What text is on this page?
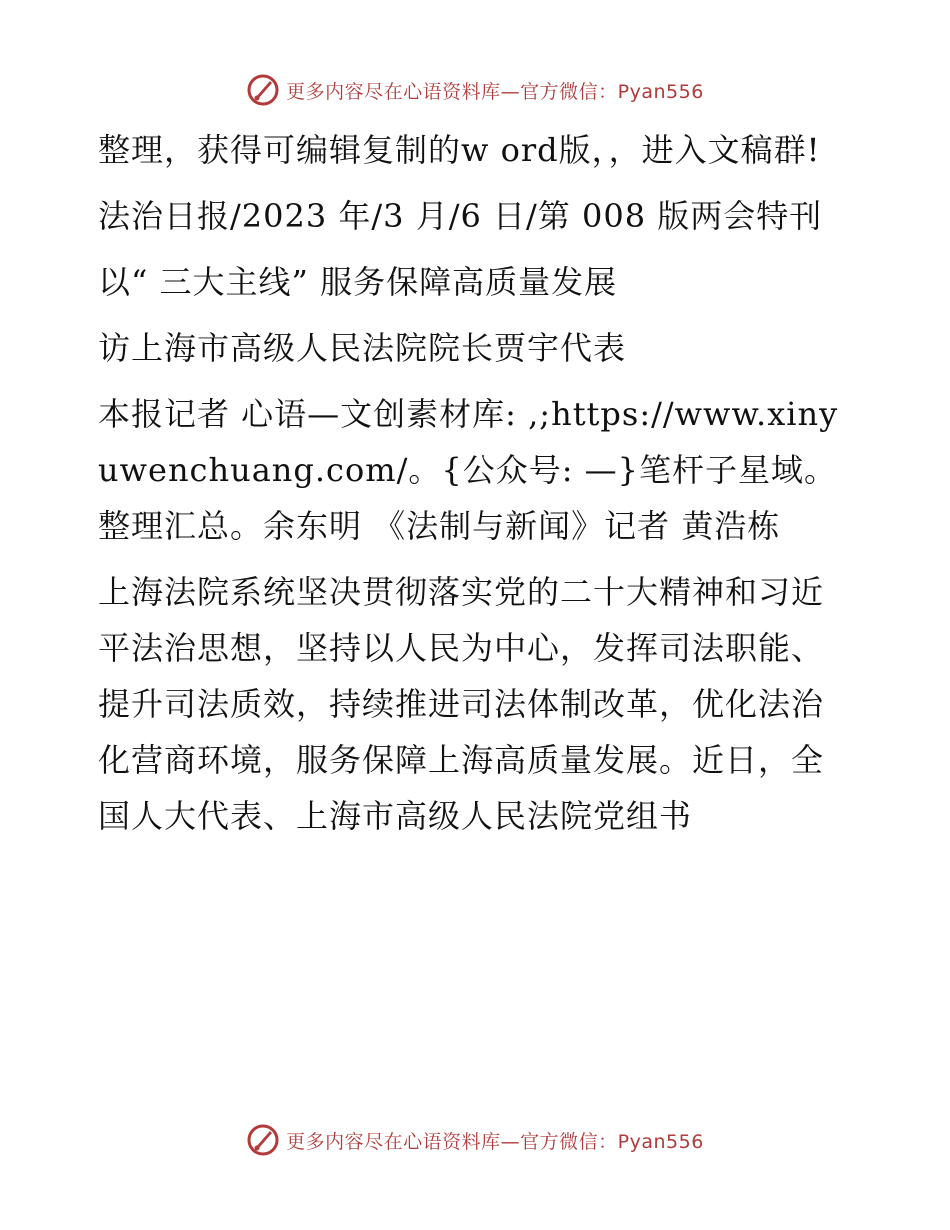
更多内容尽在心语资料库—官方微信：Pyan556

整理，获得可编辑复制的w ord版，，进入文稿群!

法治日报/2023 年/3 月/6 日/第 008 版两会特刊

以“ 三大主线” 服务保障高质量发展

访上海市高级人民法院院长贾宇代表

本报记者 心语—文创素材库: ,;https://www.xinyuwenchuang.com/。{公众号: —}笔杆子星域。整理汇总。余东明 《法制与新闻》记者 黄浩栋

上海法院系统坚决贯彻落实党的二十大精神和习近平法治思想，坚持以人民为中心，发挥司法职能、提升司法质效，持续推进司法体制改革，优化法治化营商环境，服务保障上海高质量发展。近日，全国人大代表、上海市高级人民法院党组书

更多内容尽在心语资料库—官方微信：Pyan556
